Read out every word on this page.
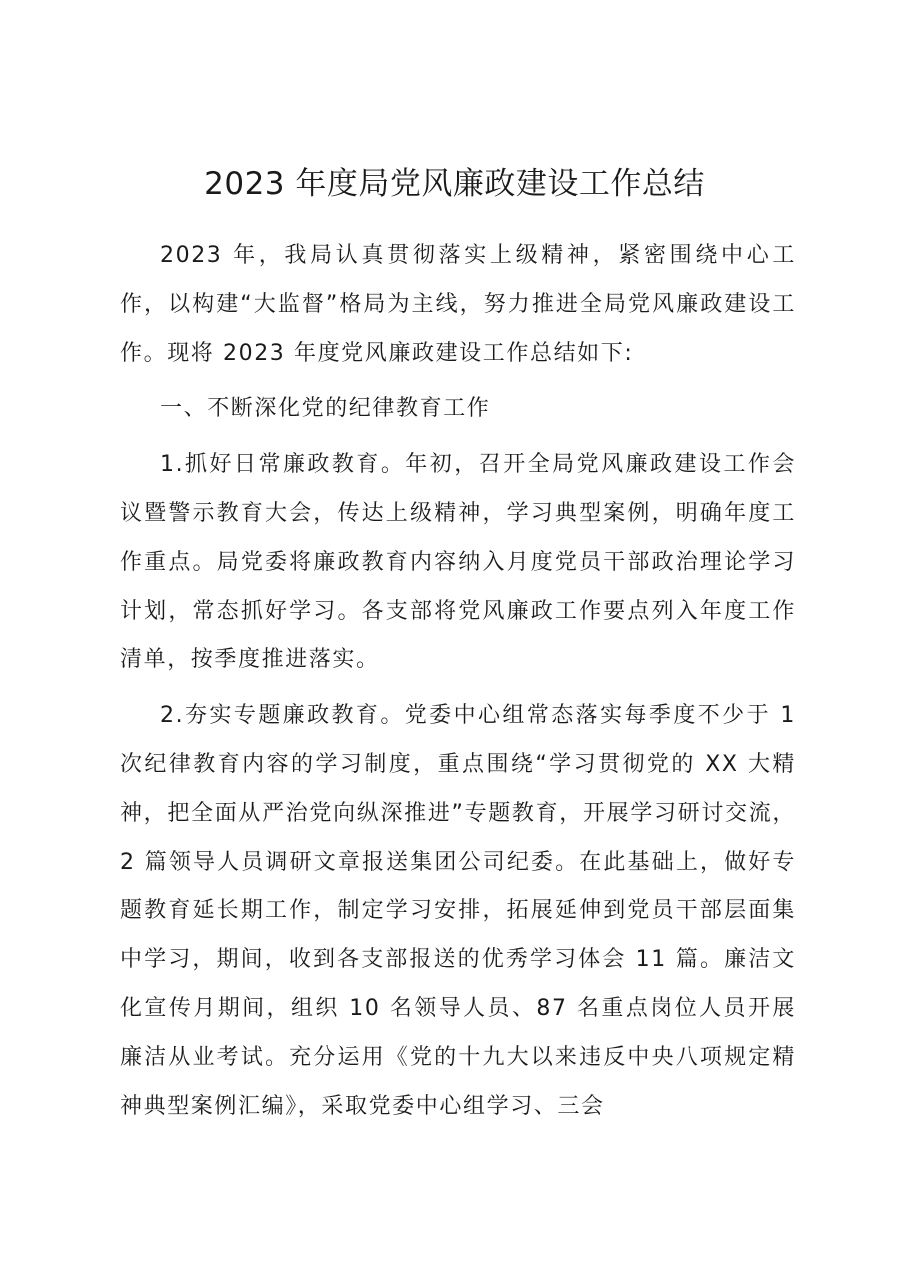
2023 年度局党风廉政建设工作总结

2023 年，我局认真贯彻落实上级精神，紧密围绕中心工作，以构建“大监督”格局为主线，努力推进全局党风廉政建设工作。现将 2023 年度党风廉政建设工作总结如下:

一、不断深化党的纪律教育工作

1.抓好日常廉政教育。年初，召开全局党风廉政建设工作会议暨警示教育大会，传达上级精神，学习典型案例，明确年度工作重点。局党委将廉政教育内容纳入月度党员干部政治理论学习计划，常态抓好学习。各支部将党风廉政工作要点列入年度工作清单，按季度推进落实。

2.夯实专题廉政教育。党委中心组常态落实每季度不少于 1 次纪律教育内容的学习制度，重点围绕“学习贯彻党的 XX 大精神，把全面从严治党向纵深推进”专题教育，开展学习研讨交流，2 篇领导人员调研文章报送集团公司纪委。在此基础上，做好专题教育延长期工作，制定学习安排，拓展延伸到党员干部层面集中学习，期间，收到各支部报送的优秀学习体会 11 篇。廉洁文化宣传月期间，组织 10 名领导人员、87 名重点岗位人员开展廉洁从业考试。充分运用《党的十九大以来违反中央八项规定精神典型案例汇编》，采取党委中心组学习、三会
